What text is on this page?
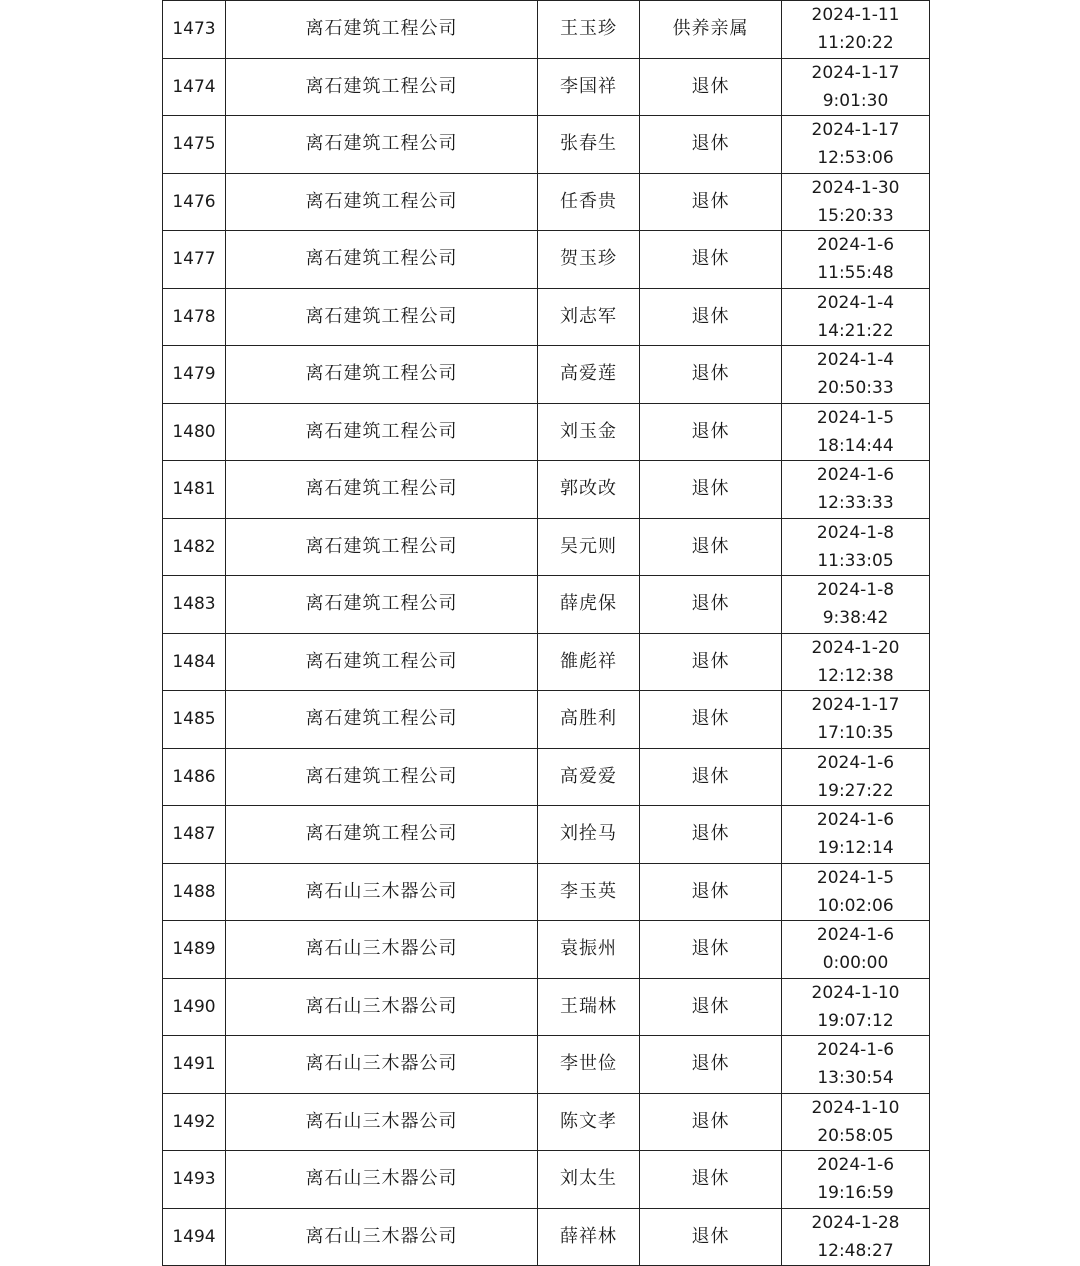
1473	离石建筑工程公司	王玉珍	供养亲属	2024-1-11
11:20:22

1474	离石建筑工程公司	李国祥	退休	2024-1-17
9:01:30

1475	离石建筑工程公司	张春生	退休	2024-1-17
12:53:06

1476	离石建筑工程公司	任香贵	退休	2024-1-30
15:20:33

1477	离石建筑工程公司	贺玉珍	退休	2024-1-6
11:55:48

1478	离石建筑工程公司	刘志军	退休	2024-1-4
14:21:22

1479	离石建筑工程公司	高爱莲	退休	2024-1-4
20:50:33

1480	离石建筑工程公司	刘玉金	退休	2024-1-5
18:14:44

1481	离石建筑工程公司	郭改改	退休	2024-1-6
12:33:33

1482	离石建筑工程公司	吴元则	退休	2024-1-8
11:33:05

1483	离石建筑工程公司	薛虎保	退休	2024-1-8
9:38:42

1484	离石建筑工程公司	雒彪祥	退休	2024-1-20
12:12:38

1485	离石建筑工程公司	高胜利	退休	2024-1-17
17:10:35

1486	离石建筑工程公司	高爱爱	退休	2024-1-6
19:27:22

1487	离石建筑工程公司	刘拴马	退休	2024-1-6
19:12:14

1488	离石山三木器公司	李玉英	退休	2024-1-5
10:02:06

1489	离石山三木器公司	袁振州	退休	2024-1-6
0:00:00

1490	离石山三木器公司	王瑞林	退休	2024-1-10
19:07:12

1491	离石山三木器公司	李世俭	退休	2024-1-6
13:30:54

1492	离石山三木器公司	陈文孝	退休	2024-1-10
20:58:05

1493	离石山三木器公司	刘太生	退休	2024-1-6
19:16:59

1494	离石山三木器公司	薛祥林	退休	2024-1-28
12:48:27
